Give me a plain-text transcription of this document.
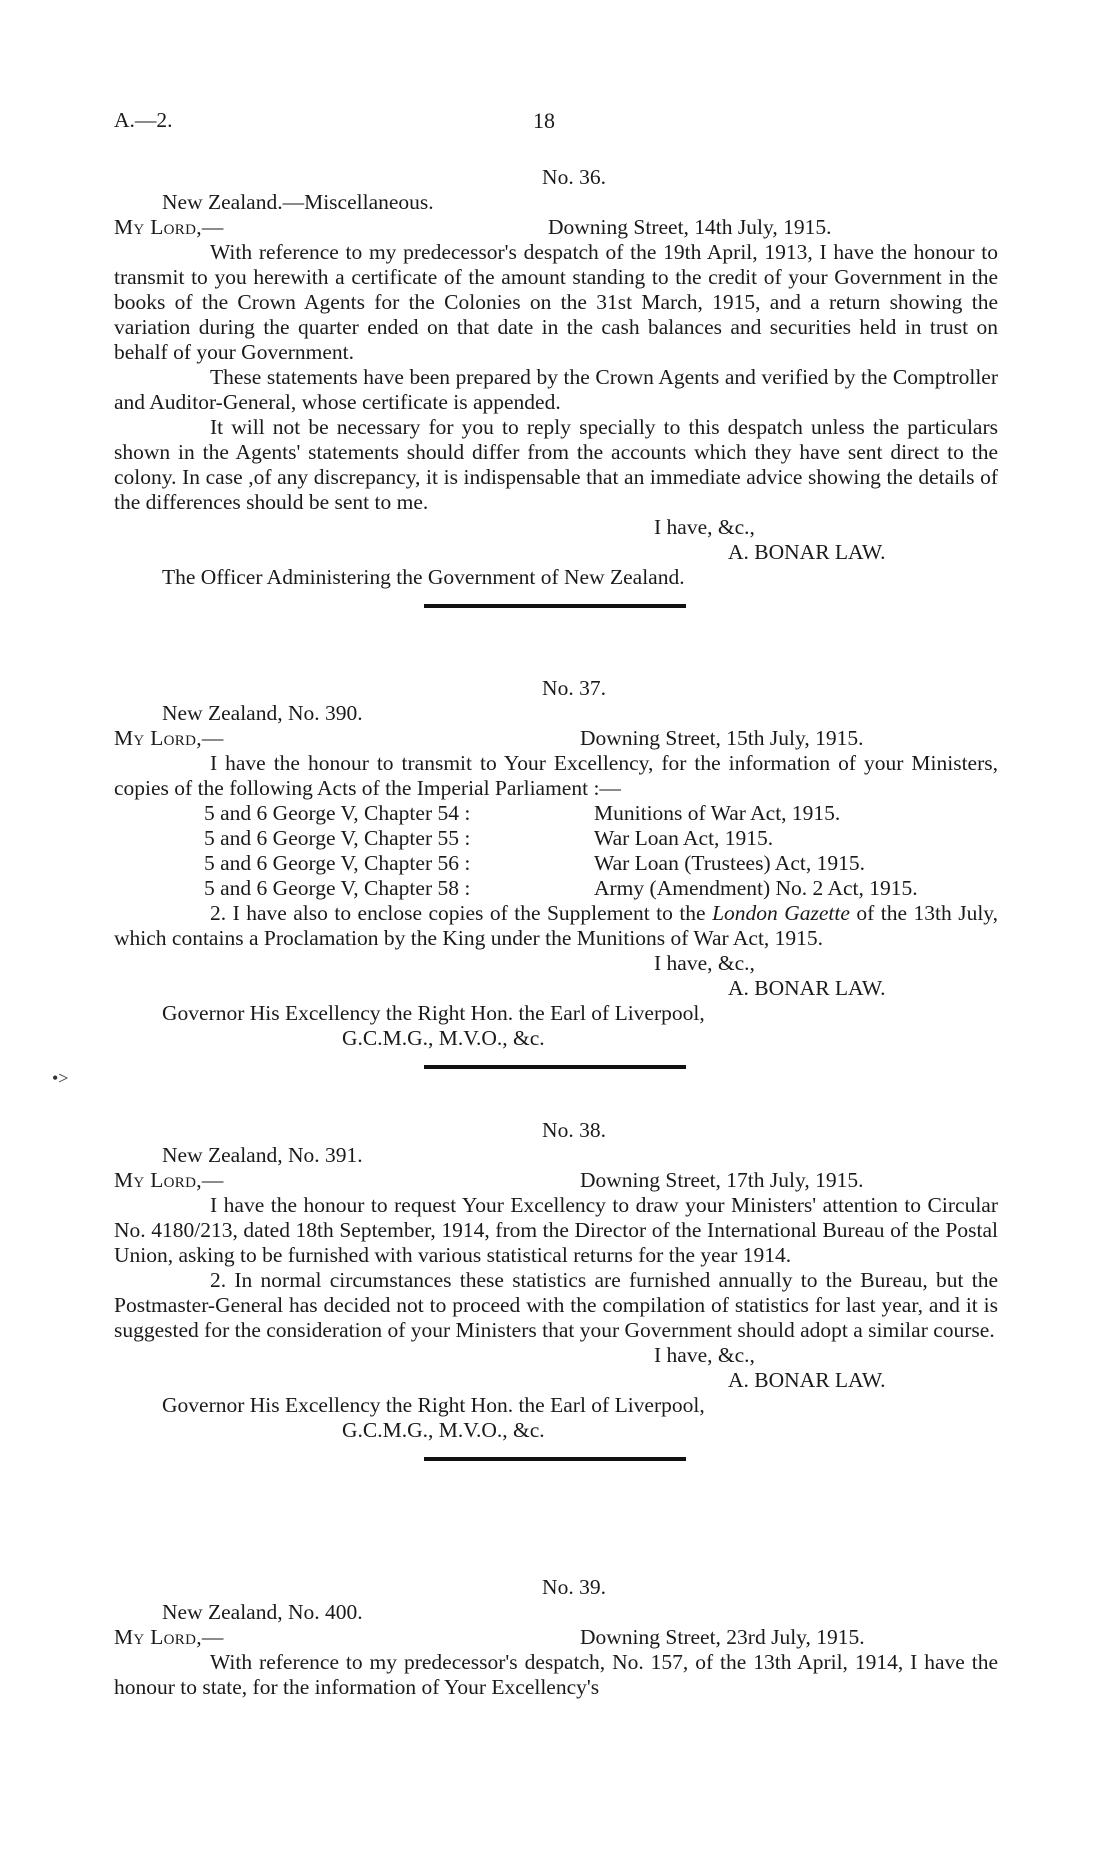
A.—2.	18
•>
No. 36.
New Zealand.—Miscellaneous.
My Lord,—	Downing Street, 14th July, 1915.
With reference to my predecessor's despatch of the 19th April, 1913, I have the honour to transmit to you herewith a certificate of the amount standing to the credit of your Government in the books of the Crown Agents for the Colonies on the 31st March, 1915, and a return showing the variation during the quarter ended on that date in the cash balances and securities held in trust on behalf of your Government.
These statements have been prepared by the Crown Agents and verified by the Comptroller and Auditor-General, whose certificate is appended.
It will not be necessary for you to reply specially to this despatch unless the particulars shown in the Agents' statements should differ from the accounts which they have sent direct to the colony. In case ,of any discrepancy, it is indispensable that an immediate advice showing the details of the differences should be sent to me.
I have, &c.,
A. BONAR LAW.
The Officer Administering the Government of New Zealand.
No. 37.
New Zealand, No. 390.
My Lord,—	Downing Street, 15th July, 1915.
I have the honour to transmit to Your Excellency, for the information of your Ministers, copies of the following Acts of the Imperial Parliament :—
5 and 6 George V, Chapter 54 :	Munitions of War Act, 1915.
5 and 6 George V, Chapter 55 :	War Loan Act, 1915.
5 and 6 George V, Chapter 56 :	War Loan (Trustees) Act, 1915.
5 and 6 George V, Chapter 58 :	Army (Amendment) No. 2 Act, 1915.
2. I have also to enclose copies of the Supplement to the London Gazette of the 13th July, which contains a Proclamation by the King under the Munitions of War Act, 1915.
I have, &c.,
A. BONAR LAW.
Governor His Excellency the Right Hon. the Earl of Liverpool,
G.C.M.G., M.V.O., &c.
No. 38.
New Zealand, No. 391.
My Lord,—	Downing Street, 17th July, 1915.
I have the honour to request Your Excellency to draw your Ministers' attention to Circular No. 4180/213, dated 18th September, 1914, from the Director of the International Bureau of the Postal Union, asking to be furnished with various statistical returns for the year 1914.
2. In normal circumstances these statistics are furnished annually to the Bureau, but the Postmaster-General has decided not to proceed with the compilation of statistics for last year, and it is suggested for the consideration of your Ministers that your Government should adopt a similar course.
I have, &c.,
A. BONAR LAW.
Governor His Excellency the Right Hon. the Earl of Liverpool,
G.C.M.G., M.V.O., &c.
No. 39.
New Zealand, No. 400.
My Lord,—	Downing Street, 23rd July, 1915.
With reference to my predecessor's despatch, No. 157, of the 13th April, 1914, I have the honour to state, for the information of Your Excellency's
